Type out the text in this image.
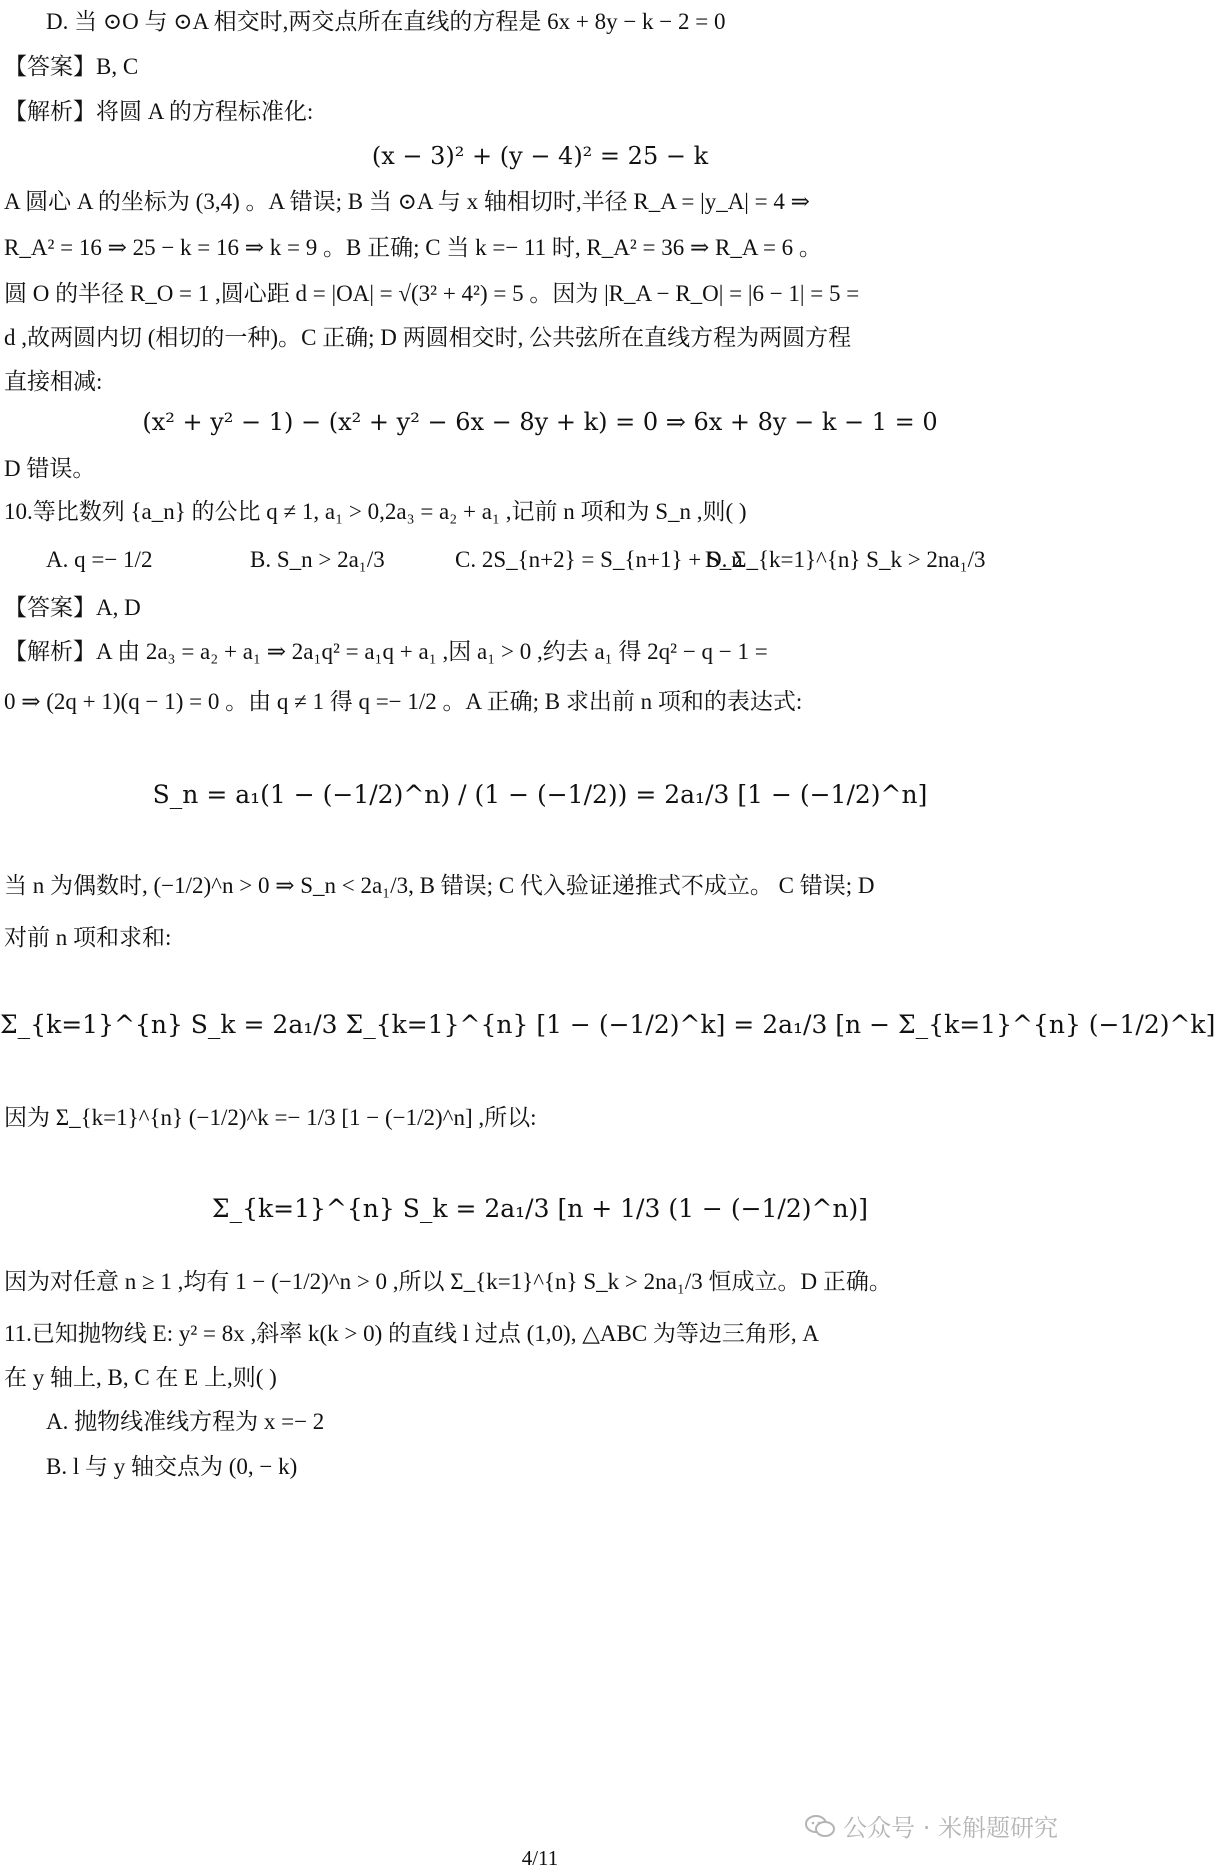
D. 当 ⊙O 与 ⊙A 相交时,两交点所在直线的方程是 6x + 8y − k − 2 = 0
【答案】B, C
【解析】将圆 A 的方程标准化:
(x − 3)² + (y − 4)² = 25 − k
A 圆心 A 的坐标为 (3,4) 。A 错误; B 当 ⊙A 与 x 轴相切时,半径 R_A = |y_A| = 4 ⇒
R_A² = 16 ⇒ 25 − k = 16 ⇒ k = 9 。B 正确; C 当 k =− 11 时, R_A² = 36 ⇒ R_A = 6 。
圆 O 的半径 R_O = 1 ,圆心距 d = |OA| = √(3² + 4²) = 5 。因为 |R_A − R_O| = |6 − 1| = 5 =
d ,故两圆内切 (相切的一种)。C 正确; D 两圆相交时, 公共弦所在直线方程为两圆方程
直接相减:
(x² + y² − 1) − (x² + y² − 6x − 8y + k) = 0 ⇒ 6x + 8y − k − 1 = 0
D 错误。
10.等比数列 {a_n} 的公比 q ≠ 1, a₁ > 0,2a₃ = a₂ + a₁ ,记前 n 项和为 S_n ,则( )
A. q =− 1/2	B. S_n > 2a₁/3	C. 2S_{n+2} = S_{n+1} + S_n
D. Σ_{k=1}^{n} S_k > 2na₁/3
【答案】A, D
【解析】A 由 2a₃ = a₂ + a₁ ⇒ 2a₁q² = a₁q + a₁ ,因 a₁ > 0 ,约去 a₁ 得 2q² − q − 1 =
0 ⇒ (2q + 1)(q − 1) = 0 。由 q ≠ 1 得 q =− 1/2 。A 正确; B 求出前 n 项和的表达式:
S_n = a₁(1 − (−1/2)^n) / (1 − (−1/2)) = 2a₁/3 [1 − (−1/2)^n]
当 n 为偶数时, (−1/2)^n > 0 ⇒ S_n < 2a₁/3, B 错误; C 代入验证递推式不成立。 C 错误; D
对前 n 项和求和:
Σ_{k=1}^{n} S_k = 2a₁/3 Σ_{k=1}^{n} [1 − (−1/2)^k] = 2a₁/3 [n − Σ_{k=1}^{n} (−1/2)^k]
因为 Σ_{k=1}^{n} (−1/2)^k =− 1/3 [1 − (−1/2)^n] ,所以:
Σ_{k=1}^{n} S_k = 2a₁/3 [n + 1/3 (1 − (−1/2)^n)]
因为对任意 n ≥ 1 ,均有 1 − (−1/2)^n > 0 ,所以 Σ_{k=1}^{n} S_k > 2na₁/3 恒成立。D 正确。
11.已知抛物线 E: y² = 8x ,斜率 k(k > 0) 的直线 l 过点 (1,0), △ABC 为等边三角形, A
在 y 轴上, B, C 在 E 上,则( )
A. 抛物线准线方程为 x =− 2
B. l 与 y 轴交点为 (0, − k)
公众号 · 米斛题研究
4/11
